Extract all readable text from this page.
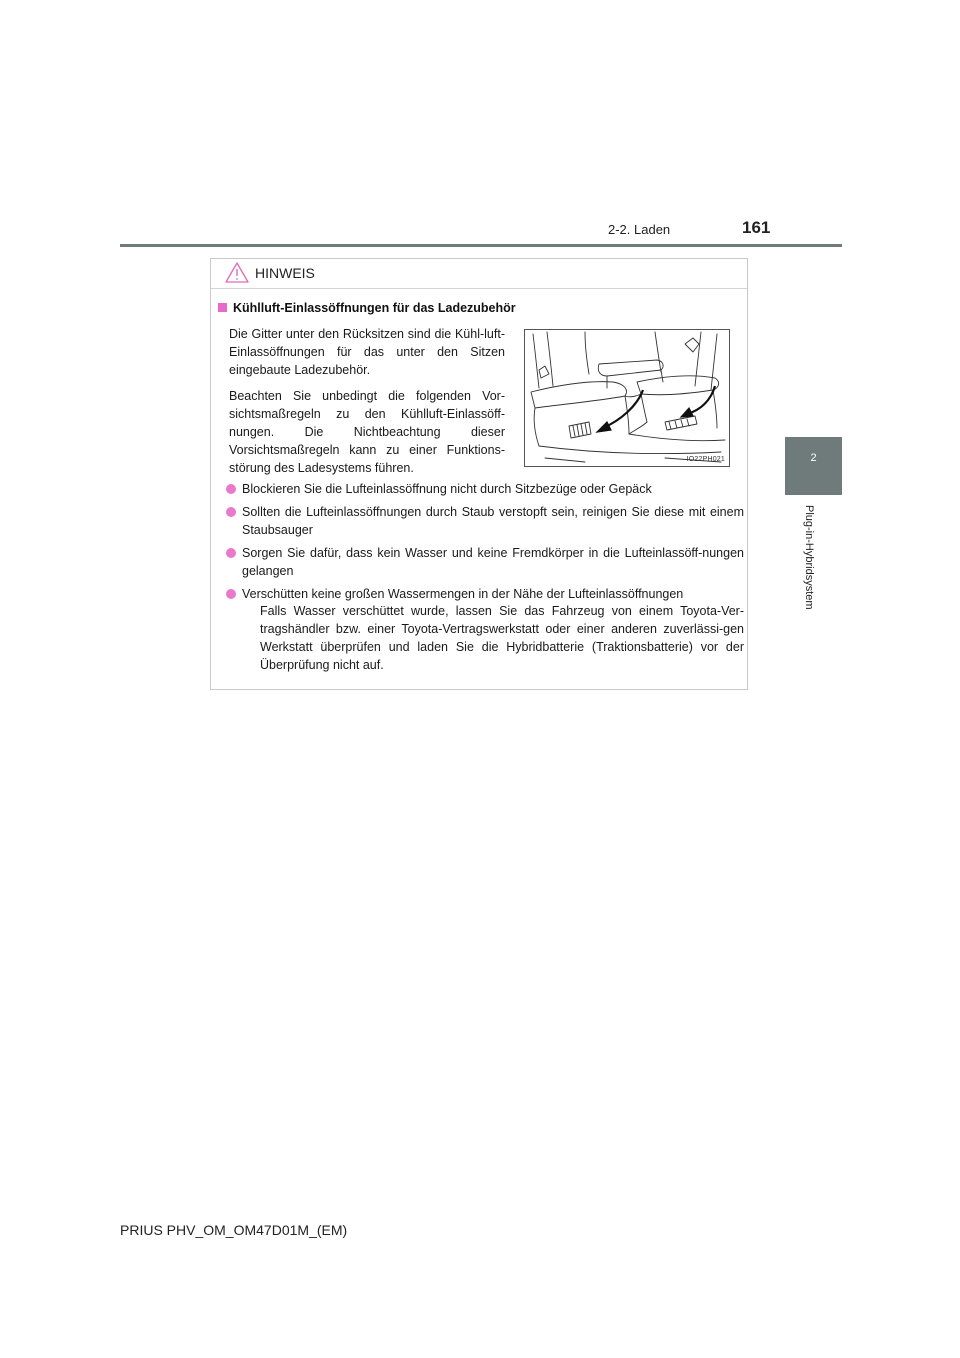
2-2. Laden	161
2
Plug-in-Hybridsystem
HINWEIS
Kühlluft-Einlassöffnungen für das Ladezubehör

Die Gitter unter den Rücksitzen sind die Kühl-luft-Einlassöffnungen für das unter den Sitzen eingebaute Ladezubehör.

Beachten Sie unbedingt die folgenden Vor-sichtsmaßregeln zu den Kühlluft-Einlassöff-nungen. Die Nichtbeachtung dieser Vorsichtsmaßregeln kann zu einer Funktions-störung des Ladesystems führen.

IO22PH021
Blockieren Sie die Lufteinlassöffnung nicht durch Sitzbezüge oder Gepäck
Sollten die Lufteinlassöffnungen durch Staub verstopft sein, reinigen Sie diese mit einem Staubsauger
Sorgen Sie dafür, dass kein Wasser und keine Fremdkörper in die Lufteinlassöff-nungen gelangen
Verschütten keine großen Wassermengen in der Nähe der Lufteinlassöffnungen
Falls Wasser verschüttet wurde, lassen Sie das Fahrzeug von einem Toyota-Ver-tragshändler bzw. einer Toyota-Vertragswerkstatt oder einer anderen zuverlässi-gen Werkstatt überprüfen und laden Sie die Hybridbatterie (Traktionsbatterie) vor der Überprüfung nicht auf.
PRIUS PHV_OM_OM47D01M_(EM)
